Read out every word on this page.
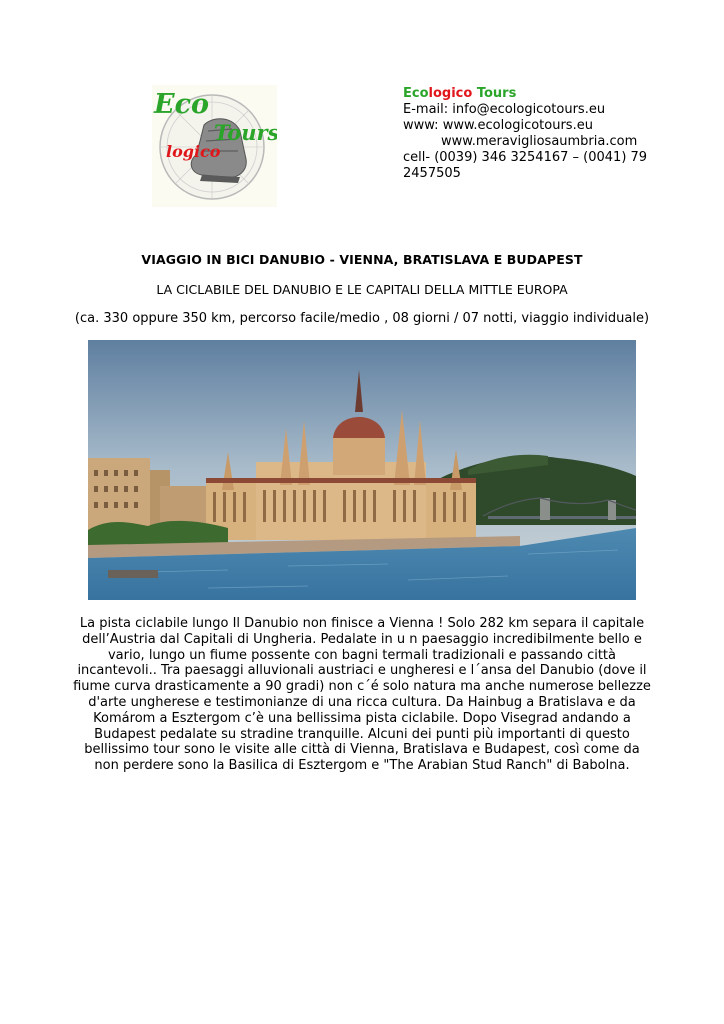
Eco
Tours
logico
Ecologico Tours
E-mail: info@ecologicotours.eu
www: www.ecologicotours.eu
www.meravigliosaumbria.com
cell- (0039) 346 3254167 – (0041) 79 2457505
VIAGGIO IN BICI DANUBIO - VIENNA, BRATISLAVA E BUDAPEST
LA CICLABILE DEL DANUBIO E LE CAPITALI DELLA MITTLE EUROPA
(ca. 330 oppure 350 km, percorso facile/medio , 08 giorni / 07 notti, viaggio individuale)
La pista ciclabile lungo Il Danubio non finisce a Vienna ! Solo 282 km separa il capitale dell’Austria dal Capitali di Ungheria. Pedalate in u n paesaggio incredibilmente bello e vario, lungo un fiume possente con bagni termali tradizionali e passando città incantevoli.. Tra paesaggi alluvionali austriaci e ungheresi e l´ansa del Danubio (dove il fiume curva drasticamente a 90 gradi) non c´é solo natura ma anche numerose bellezze d'arte ungherese e testimonianze di una ricca cultura. Da Hainbug a Bratislava e da Komárom a Esztergom c’è una bellissima pista ciclabile. Dopo Visegrad andando a Budapest pedalate su stradine tranquille. Alcuni dei punti più importanti di questo bellissimo tour sono le visite alle città di Vienna, Bratislava e Budapest, così come da non perdere sono la Basilica di Esztergom e "The Arabian Stud Ranch" di Babolna.
